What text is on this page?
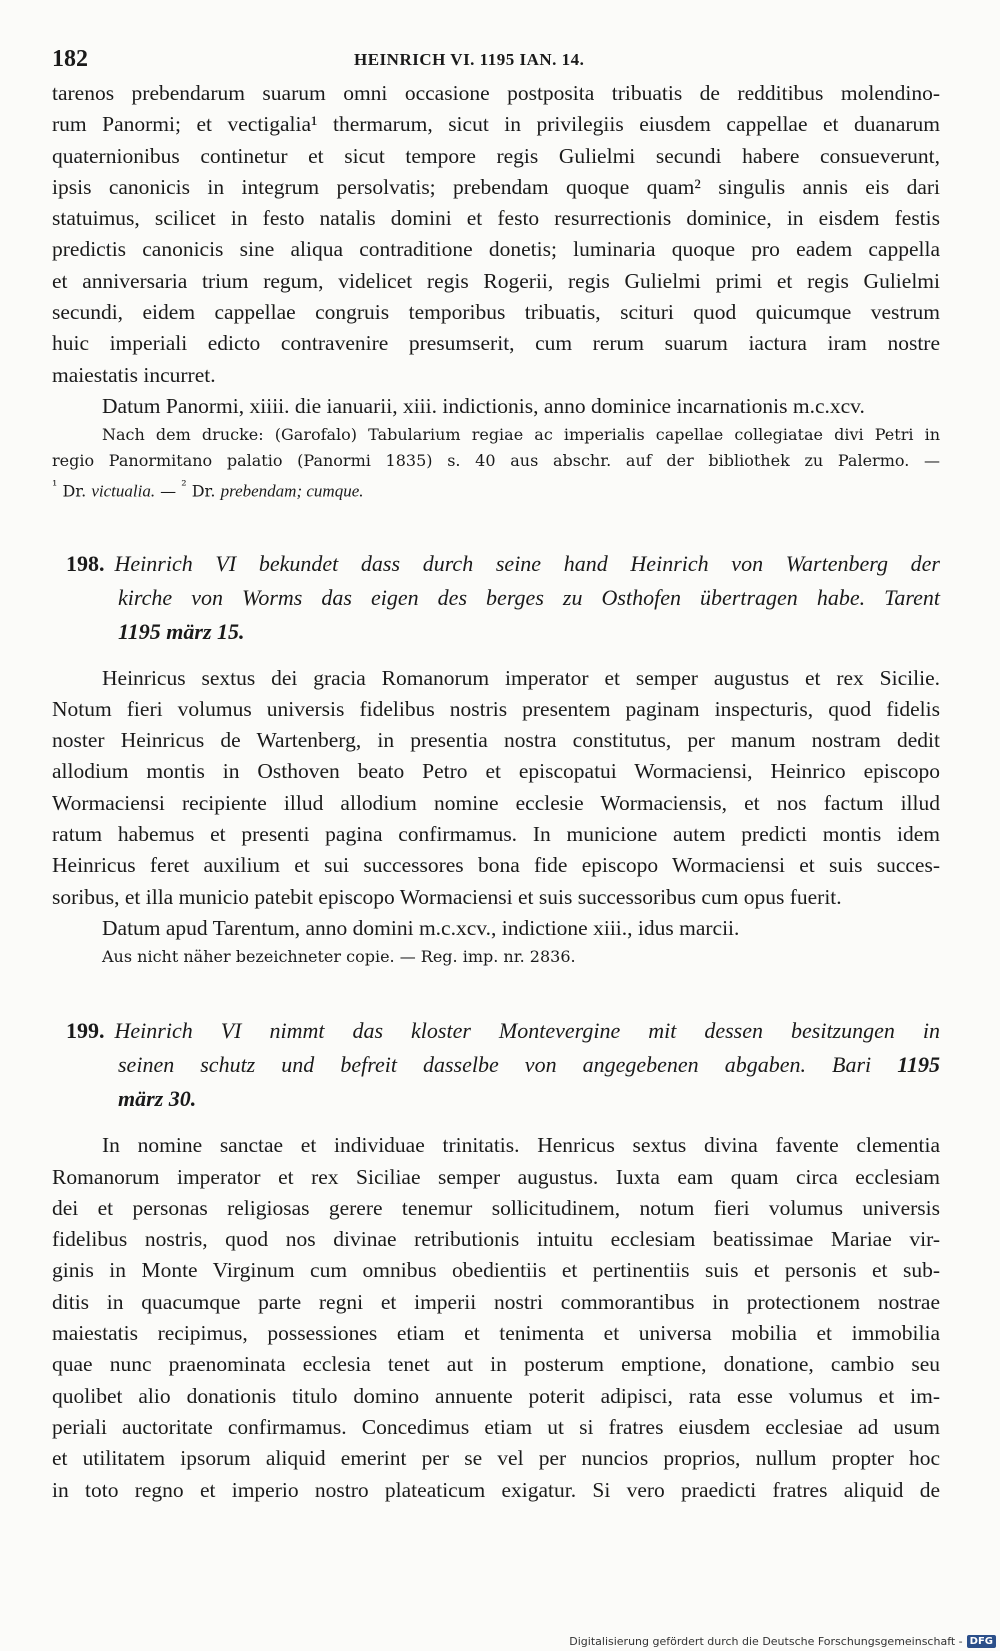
182	HEINRICH VI. 1195 IAN. 14.
tarenos prebendarum suarum omni occasione postposita tribuatis de redditibus molendino-
rum Panormi; et vectigalia¹ thermarum, sicut in privilegiis eiusdem cappellae et duanarum
quaternionibus continetur et sicut tempore regis Gulielmi secundi habere consueverunt,
ipsis canonicis in integrum persolvatis; prebendam quoque quam² singulis annis eis dari
statuimus, scilicet in festo natalis domini et festo resurrectionis dominice, in eisdem festis
predictis canonicis sine aliqua contraditione donetis; luminaria quoque pro eadem cappella
et anniversaria trium regum, videlicet regis Rogerii, regis Gulielmi primi et regis Gulielmi
secundi, eidem cappellae congruis temporibus tribuatis, scituri quod quicumque vestrum
huic imperiali edicto contravenire presumserit, cum rerum suarum iactura iram nostre
maiestatis incurret.
Datum Panormi, xiiii. die ianuarii, xiii. indictionis, anno dominice incarnationis m.c.xcv.
Nach dem drucke: (Garofalo) Tabularium regiae ac imperialis capellae collegiatae divi Petri in
regio Panormitano palatio (Panormi 1835) s. 40 aus abschr. auf der bibliothek zu Palermo. —
$^{^1}$ Dr. victualia. — $^{^2}$ Dr. prebendam; cumque.
198. Heinrich VI bekundet dass durch seine hand Heinrich von Wartenberg der
kirche von Worms das eigen des berges zu Osthofen übertragen habe. Tarent
1195 märz 15.
Heinricus sextus dei gracia Romanorum imperator et semper augustus et rex Sicilie.
Notum fieri volumus universis fidelibus nostris presentem paginam inspecturis, quod fidelis
noster Heinricus de Wartenberg, in presentia nostra constitutus, per manum nostram dedit
allodium montis in Osthoven beato Petro et episcopatui Wormaciensi, Heinrico episcopo
Wormaciensi recipiente illud allodium nomine ecclesie Wormaciensis, et nos factum illud
ratum habemus et presenti pagina confirmamus. In municione autem predicti montis idem
Heinricus feret auxilium et sui successores bona fide episcopo Wormaciensi et suis succes-
soribus, et illa municio patebit episcopo Wormaciensi et suis successoribus cum opus fuerit.
Datum apud Tarentum, anno domini m.c.xcv., indictione xiii., idus marcii.
Aus nicht näher bezeichneter copie. — Reg. imp. nr. 2836.
199. Heinrich VI nimmt das kloster Montevergine mit dessen besitzungen in
seinen schutz und befreit dasselbe von angegebenen abgaben. Bari 1195
märz 30.
In nomine sanctae et individuae trinitatis. Henricus sextus divina favente clementia
Romanorum imperator et rex Siciliae semper augustus. Iuxta eam quam circa ecclesiam
dei et personas religiosas gerere tenemur sollicitudinem, notum fieri volumus universis
fidelibus nostris, quod nos divinae retributionis intuitu ecclesiam beatissimae Mariae vir-
ginis in Monte Virginum cum omnibus obedientiis et pertinentiis suis et personis et sub-
ditis in quacumque parte regni et imperii nostri commorantibus in protectionem nostrae
maiestatis recipimus, possessiones etiam et tenimenta et universa mobilia et immobilia
quae nunc praenominata ecclesia tenet aut in posterum emptione, donatione, cambio seu
quolibet alio donationis titulo domino annuente poterit adipisci, rata esse volumus et im-
periali auctoritate confirmamus. Concedimus etiam ut si fratres eiusdem ecclesiae ad usum
et utilitatem ipsorum aliquid emerint per se vel per nuncios proprios, nullum propter hoc
in toto regno et imperio nostro plateaticum exigatur. Si vero praedicti fratres aliquid de
Digitalisierung gefördert durch die Deutsche Forschungsgemeinschaft - DFG
